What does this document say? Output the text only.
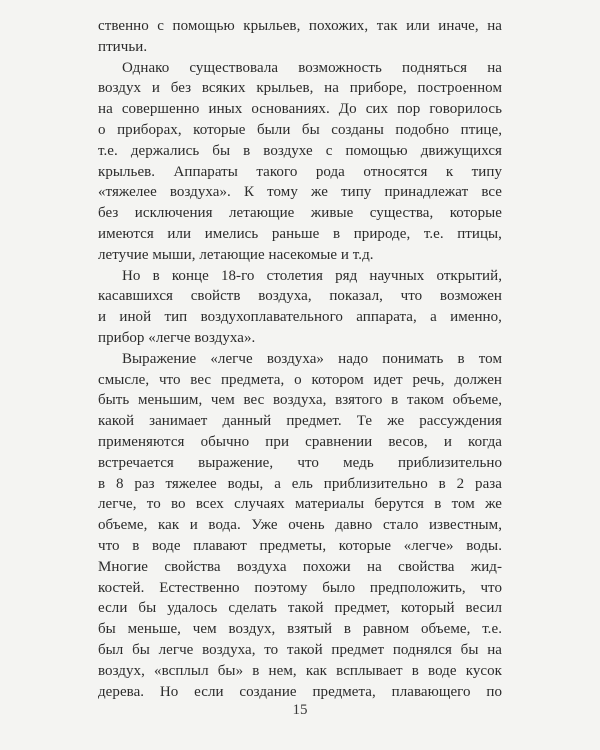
ственно с помощью крыльев, похожих, так или иначе, на
птичьи.
Однако существовала возможность подняться на
воздух и без всяких крыльев, на приборе, построенном
на совершенно иных основаниях. До сих пор говорилось
о приборах, которые были бы созданы подобно птице,
т.е. держались бы в воздухе с помощью движущихся
крыльев. Аппараты такого рода относятся к типу
«тяжелее воздуха». К тому же типу принадлежат все
без исключения летающие живые существа, которые
имеются или имелись раньше в природе, т.е. птицы,
летучие мыши, летающие насекомые и т.д.
Но в конце 18-го столетия ряд научных открытий,
касавшихся свойств воздуха, показал, что возможен
и иной тип воздухоплавательного аппарата, а именно,
прибор «легче воздуха».
Выражение «легче воздуха» надо понимать в том
смысле, что вес предмета, о котором идет речь, должен
быть меньшим, чем вес воздуха, взятого в таком объеме,
какой занимает данный предмет. Те же рассуждения
применяются обычно при сравнении весов, и когда
встречается выражение, что медь приблизительно
в 8 раз тяжелее воды, а ель приблизительно в 2 раза
легче, то во всех случаях материалы берутся в том же
объеме, как и вода. Уже очень давно стало известным,
что в воде плавают предметы, которые «легче» воды.
Многие свойства воздуха похожи на свойства жид-
костей. Естественно поэтому было предположить, что
если бы удалось сделать такой предмет, который весил
бы меньше, чем воздух, взятый в равном объеме, т.е.
был бы легче воздуха, то такой предмет поднялся бы на
воздух, «всплыл бы» в нем, как всплывает в воде кусок
дерева. Но если создание предмета, плавающего по
15
